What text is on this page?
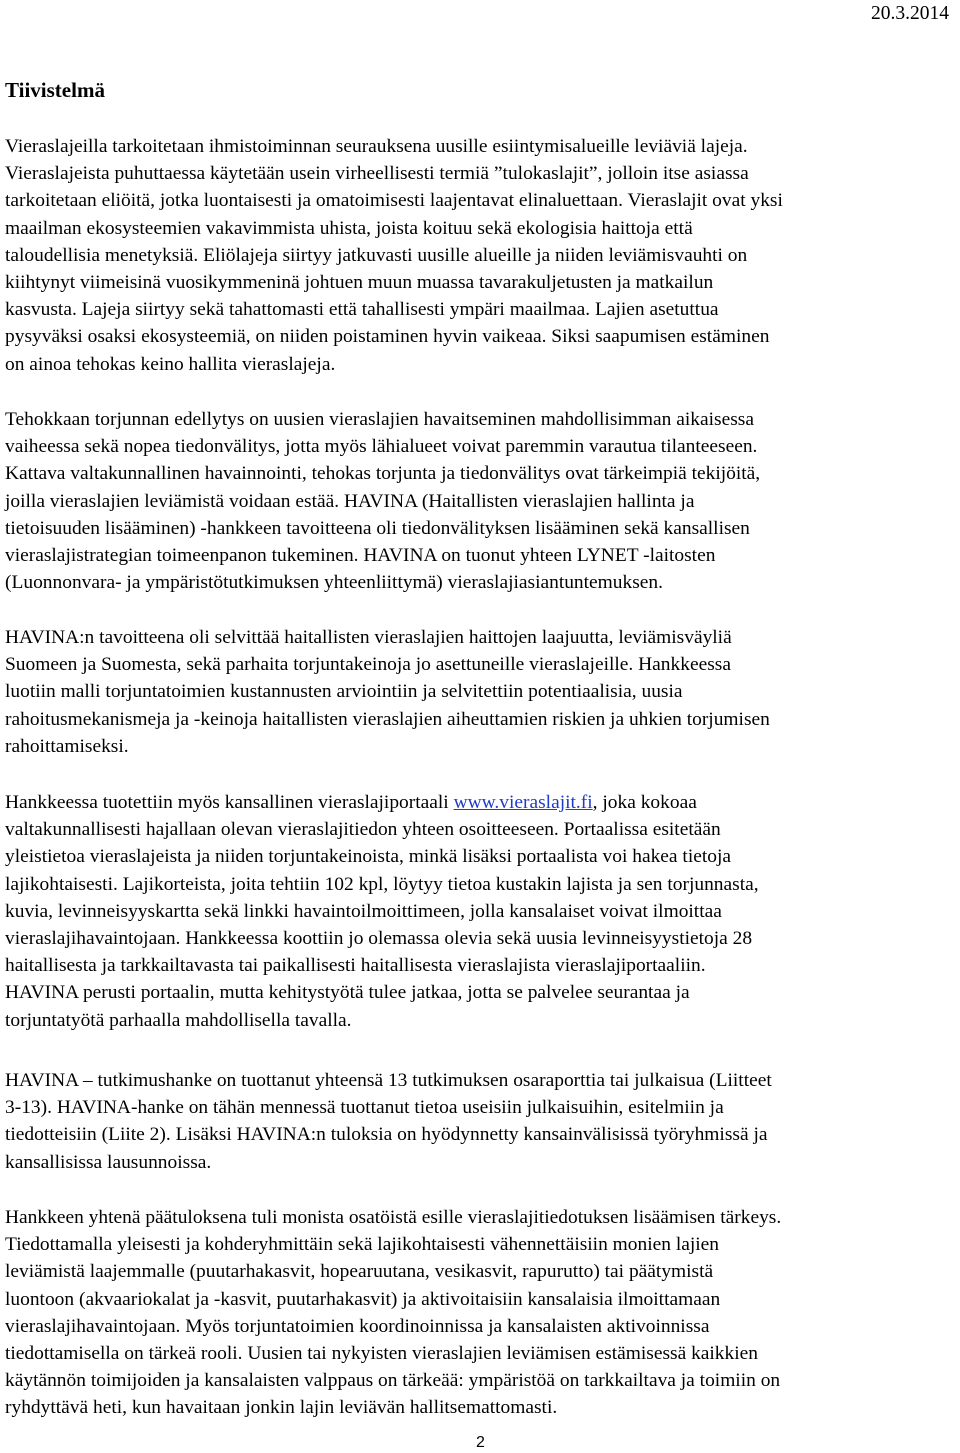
20.3.2014
Tiivistelmä

Vieraslajeilla tarkoitetaan ihmistoiminnan seurauksena uusille esiintymisalueille leviäviä lajeja.
Vieraslajeista puhuttaessa käytetään usein virheellisesti termiä ”tulokaslajit”, jolloin itse asiassa
tarkoitetaan eliöitä, jotka luontaisesti ja omatoimisesti laajentavat elinaluettaan. Vieraslajit ovat yksi
maailman ekosysteemien vakavimmista uhista, joista koituu sekä ekologisia haittoja että
taloudellisia menetyksiä. Eliölajeja siirtyy jatkuvasti uusille alueille ja niiden leviämisvauhti on
kiihtynyt viimeisinä vuosikymmeninä johtuen muun muassa tavarakuljetusten ja matkailun
kasvusta. Lajeja siirtyy sekä tahattomasti että tahallisesti ympäri maailmaa. Lajien asetuttua
pysyväksi osaksi ekosysteemiä, on niiden poistaminen hyvin vaikeaa. Siksi saapumisen estäminen
on ainoa tehokas keino hallita vieraslajeja.

Tehokkaan torjunnan edellytys on uusien vieraslajien havaitseminen mahdollisimman aikaisessa
vaiheessa sekä nopea tiedonvälitys, jotta myös lähialueet voivat paremmin varautua tilanteeseen.
Kattava valtakunnallinen havainnointi, tehokas torjunta ja tiedonvälitys ovat tärkeimpiä tekijöitä,
joilla vieraslajien leviämistä voidaan estää. HAVINA (Haitallisten vieraslajien hallinta ja
tietoisuuden lisääminen) -hankkeen tavoitteena oli tiedonvälityksen lisääminen sekä kansallisen
vieraslajistrategian toimeenpanon tukeminen. HAVINA on tuonut yhteen LYNET -laitosten
(Luonnonvara- ja ympäristötutkimuksen yhteenliittymä) vieraslajiasiantuntemuksen.

HAVINA:n tavoitteena oli selvittää haitallisten vieraslajien haittojen laajuutta, leviämisväyliä
Suomeen ja Suomesta, sekä parhaita torjuntakeinoja jo asettuneille vieraslajeille. Hankkeessa
luotiin malli torjuntatoimien kustannusten arviointiin ja selvitettiin potentiaalisia, uusia
rahoitusmekanismeja ja -keinoja haitallisten vieraslajien aiheuttamien riskien ja uhkien torjumisen
rahoittamiseksi.

Hankkeessa tuotettiin myös kansallinen vieraslajiportaali www.vieraslajit.fi, joka kokoaa
valtakunnallisesti hajallaan olevan vieraslajitiedon yhteen osoitteeseen. Portaalissa esitetään
yleistietoa vieraslajeista ja niiden torjuntakeinoista, minkä lisäksi portaalista voi hakea tietoja
lajikohtaisesti. Lajikorteista, joita tehtiin 102 kpl, löytyy tietoa kustakin lajista ja sen torjunnasta,
kuvia, levinneisyyskartta sekä linkki havaintoilmoittimeen, jolla kansalaiset voivat ilmoittaa
vieraslajihavaintojaan. Hankkeessa koottiin jo olemassa olevia sekä uusia levinneisyystietoja 28
haitallisesta ja tarkkailtavasta tai paikallisesti haitallisesta vieraslajista vieraslajiportaaliin.
HAVINA perusti portaalin, mutta kehitystyötä tulee jatkaa, jotta se palvelee seurantaa ja
torjuntatyötä parhaalla mahdollisella tavalla.

HAVINA – tutkimushanke on tuottanut yhteensä 13 tutkimuksen osaraporttia tai julkaisua (Liitteet
3-13). HAVINA-hanke on tähän mennessä tuottanut tietoa useisiin julkaisuihin, esitelmiin ja
tiedotteisiin (Liite 2). Lisäksi HAVINA:n tuloksia on hyödynnetty kansainvälisissä työryhmissä ja
kansallisissa lausunnoissa.

Hankkeen yhtenä päätuloksena tuli monista osatöistä esille vieraslajitiedotuksen lisäämisen tärkeys.
Tiedottamalla yleisesti ja kohderyhmittäin sekä lajikohtaisesti vähennettäisiin monien lajien
leviämistä laajemmalle (puutarhakasvit, hopearuutana, vesikasvit, rapurutto) tai päätymistä
luontoon (akvaariokalat ja -kasvit, puutarhakasvit) ja aktivoitaisiin kansalaisia ilmoittamaan
vieraslajihavaintojaan. Myös torjuntatoimien koordinoinnissa ja kansalaisten aktivoinnissa
tiedottamisella on tärkeä rooli. Uusien tai nykyisten vieraslajien leviämisen estämisessä kaikkien
käytännön toimijoiden ja kansalaisten valppaus on tärkeää: ympäristöä on tarkkailtava ja toimiin on
ryhdyttävä heti, kun havaitaan jonkin lajin leviävän hallitsemattomasti.

2
